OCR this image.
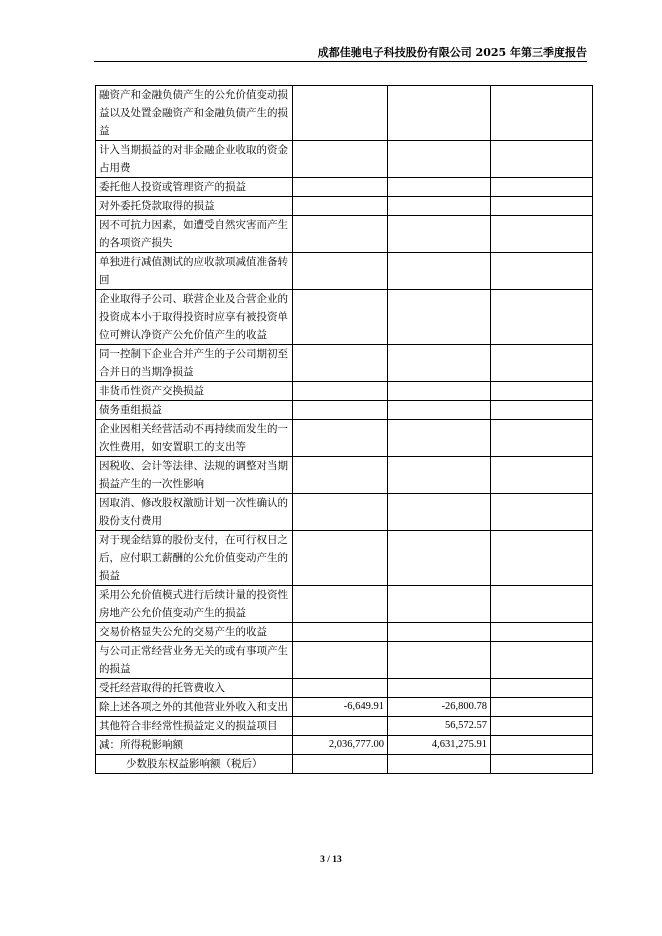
成都佳驰电子科技股份有限公司 2025 年第三季度报告
融资产和金融负债产生的公允价值变动损益以及处置金融资产和金融负债产生的损益			
计入当期损益的对非金融企业收取的资金占用费			
委托他人投资或管理资产的损益			
对外委托贷款取得的损益			
因不可抗力因素，如遭受自然灾害而产生的各项资产损失			
单独进行减值测试的应收款项减值准备转回			
企业取得子公司、联营企业及合营企业的投资成本小于取得投资时应享有被投资单位可辨认净资产公允价值产生的收益			
同一控制下企业合并产生的子公司期初至合并日的当期净损益			
非货币性资产交换损益			
债务重组损益			
企业因相关经营活动不再持续而发生的一次性费用，如安置职工的支出等			
因税收、会计等法律、法规的调整对当期损益产生的一次性影响			
因取消、修改股权激励计划一次性确认的股份支付费用			
对于现金结算的股份支付，在可行权日之后，应付职工薪酬的公允价值变动产生的损益			
采用公允价值模式进行后续计量的投资性房地产公允价值变动产生的损益			
交易价格显失公允的交易产生的收益			
与公司正常经营业务无关的或有事项产生的损益			
受托经营取得的托管费收入			
除上述各项之外的其他营业外收入和支出	-6,649.91	-26,800.78	
其他符合非经常性损益定义的损益项目		56,572.57	
减：所得税影响额	2,036,777.00	4,631,275.91	
少数股东权益影响额（税后）			
3 / 13
